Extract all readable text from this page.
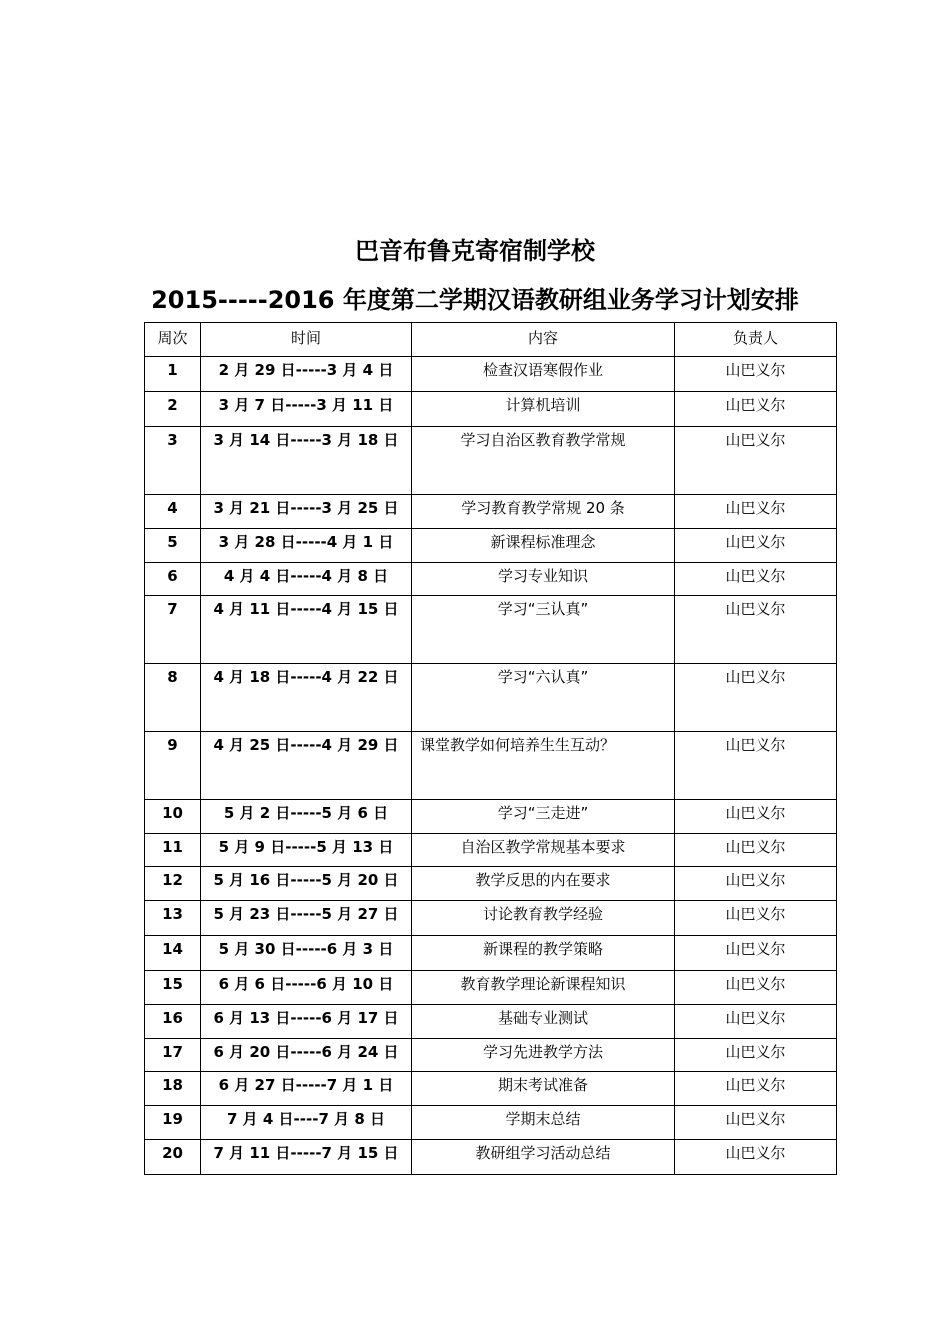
巴音布鲁克寄宿制学校
2015-----2016 年度第二学期汉语教研组业务学习计划安排
周次	时间	内容	负责人
1	2 月 29 日-----3 月 4 日	检查汉语寒假作业	山巴义尔
2	3 月 7 日-----3 月 11 日	计算机培训	山巴义尔
3	3 月 14 日-----3 月 18 日	学习自治区教育教学常规	山巴义尔
4	3 月 21 日-----3 月 25 日	学习教育教学常规 20 条	山巴义尔
5	3 月 28 日-----4 月 1 日	新课程标准理念	山巴义尔
6	4 月 4 日-----4 月 8 日	学习专业知识	山巴义尔
7	4 月 11 日-----4 月 15 日	学习“三认真”	山巴义尔
8	4 月 18 日-----4 月 22 日	学习“六认真”	山巴义尔
9	4 月 25 日-----4 月 29 日	课堂教学如何培养生生互动？	山巴义尔
10	5 月 2 日-----5 月 6 日	学习“三走进”	山巴义尔
11	5 月 9 日-----5 月 13 日	自治区教学常规基本要求	山巴义尔
12	5 月 16 日-----5 月 20 日	教学反思的内在要求	山巴义尔
13	5 月 23 日-----5 月 27 日	讨论教育教学经验	山巴义尔
14	5 月 30 日-----6 月 3 日	新课程的教学策略	山巴义尔
15	6 月 6 日-----6 月 10 日	教育教学理论新课程知识	山巴义尔
16	6 月 13 日-----6 月 17 日	基础专业测试	山巴义尔
17	6 月 20 日-----6 月 24 日	学习先进教学方法	山巴义尔
18	6 月 27 日-----7 月 1 日	期末考试准备	山巴义尔
19	7 月 4 日----7 月 8 日	学期末总结	山巴义尔
20	7 月 11 日-----7 月 15 日	教研组学习活动总结	山巴义尔
